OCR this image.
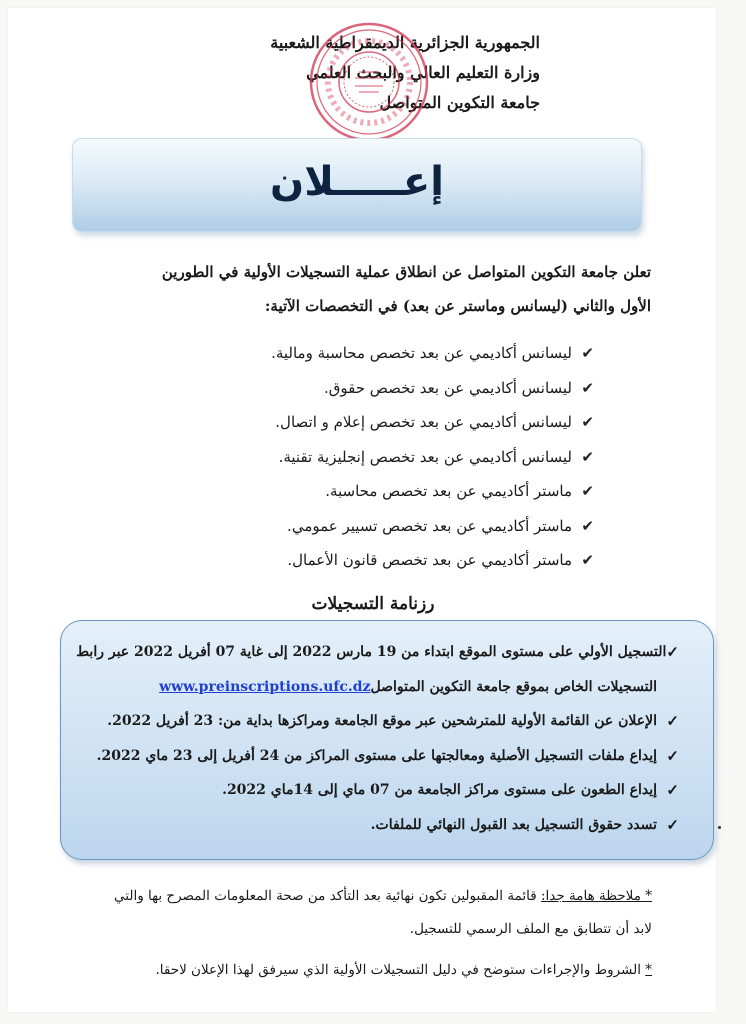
الجمهورية الجزائرية الديمقراطية الشعبية
وزارة التعليم العالي والبحث العلمي
جامعة التكوين المتواصل
إعـــــلان
تعلن جامعة التكوين المتواصل عن انطلاق عملية التسجيلات الأولية في الطورين
الأول والثاني (ليسانس وماستر عن بعد) في التخصصات الآتية:
✔
ليسانس أكاديمي عن بعد تخصص محاسبة ومالية.
✔
ليسانس أكاديمي عن بعد تخصص حقوق.
✔
ليسانس أكاديمي عن بعد تخصص إعلام و اتصال.
✔
ليسانس أكاديمي عن بعد تخصص إنجليزية تقنية.
✔
ماستر أكاديمي عن بعد تخصص محاسبة.
✔
ماستر أكاديمي عن بعد تخصص تسيير عمومي.
✔
ماستر أكاديمي عن بعد تخصص قانون الأعمال.
رزنامة التسجيلات
✓
التسجيل الأولي على مستوى الموقع ابتداء من 19 مارس 2022 إلى غاية 07 أفريل 2022 عبر رابط
التسجيلات الخاص بموقع جامعة التكوين المتواصل
www.preinscriptions.ufc.dz
✓
الإعلان عن القائمة الأولية للمترشحين عبر موقع الجامعة ومراكزها بداية من: 23 أفريل 2022.
✓
إيداع ملفات التسجيل الأصلية ومعالجتها على مستوى المراكز من 24 أفريل إلى 23 ماي 2022.
✓
إيداع الطعون على مستوى مراكز الجامعة من 07 ماي إلى 14ماي 2022.
✓
تسدد حقوق التسجيل بعد القبول النهائي للملفات.
* ملاحظة هامة جدا: قائمة المقبولين تكون نهائية بعد التأكد من صحة المعلومات المصرح بها والتي
لابد أن تتطابق مع الملف الرسمي للتسجيل.
* الشروط والإجراءات ستوضح في دليل التسجيلات الأولية الذي سيرفق لهذا الإعلان لاحقا.
